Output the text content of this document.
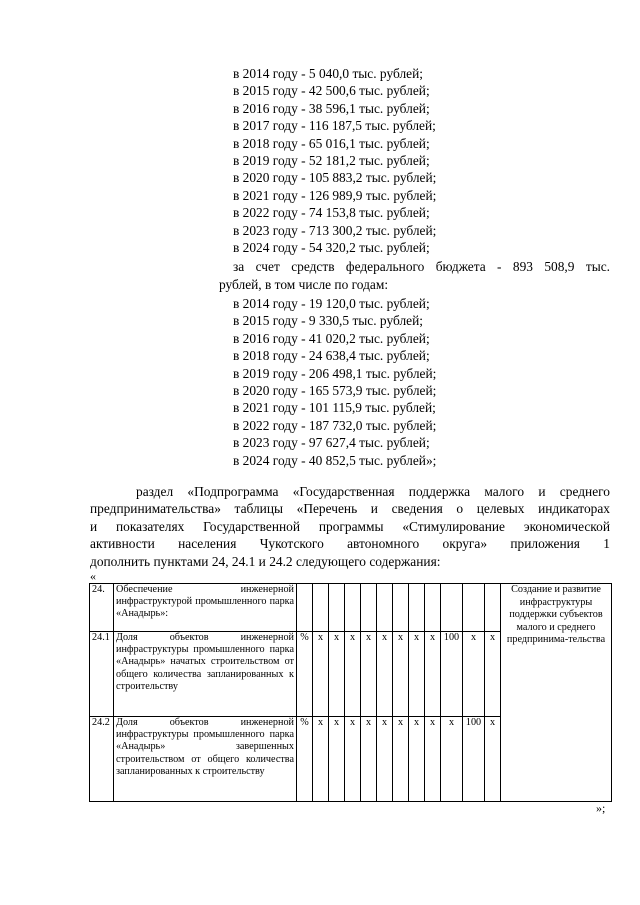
в 2014 году - 5 040,0 тыс. рублей;
в 2015 году - 42 500,6 тыс. рублей;
в 2016 году - 38 596,1 тыс. рублей;
в 2017 году - 116 187,5 тыс. рублей;
в 2018 году - 65 016,1 тыс. рублей;
в 2019 году - 52 181,2 тыс. рублей;
в 2020 году - 105 883,2 тыс. рублей;
в 2021 году - 126 989,9 тыс. рублей;
в 2022 году - 74 153,8 тыс. рублей;
в 2023 году - 713 300,2 тыс. рублей;
в 2024 году - 54 320,2 тыс. рублей;
за счет средств федерального бюджета - 893 508,9 тыс.
рублей, в том числе по годам:
в 2014 году - 19 120,0 тыс. рублей;
в 2015 году - 9 330,5 тыс. рублей;
в 2016 году - 41 020,2 тыс. рублей;
в 2018 году - 24 638,4 тыс. рублей;
в 2019 году - 206 498,1 тыс. рублей;
в 2020 году - 165 573,9 тыс. рублей;
в 2021 году - 101 115,9 тыс. рублей;
в 2022 году - 187 732,0 тыс. рублей;
в 2023 году - 97 627,4 тыс. рублей;
в 2024 году - 40 852,5 тыс. рублей»;
раздел «Подпрограмма «Государственная поддержка малого и среднего
предпринимательства» таблицы «Перечень и сведения о целевых индикаторах
и показателях Государственной программы «Стимулирование экономической
активности населения Чукотского автономного округа» приложения 1
дополнить пунктами 24, 24.1 и 24.2 следующего содержания:
«
24.	Обеспечение инженерной инфраструктурой промышленного парка «Анадырь»:													Создание и развитие инфраструктуры поддержки субъектов малого и среднего предпринима-тельства
24.1	Доля объектов инженерной инфраструктуры промышленного парка «Анадырь» начатых строительством от общего количества запланированных к строительству	%	x	x	x	x	x	x	x	x	100	x	x	
24.2	Доля объектов инженерной инфраструктуры промышленного парка «Анадырь» завершенных строительством от общего количества запланированных к строительству	%	x	x	x	x	x	x	x	x	x	100	x	
»;
